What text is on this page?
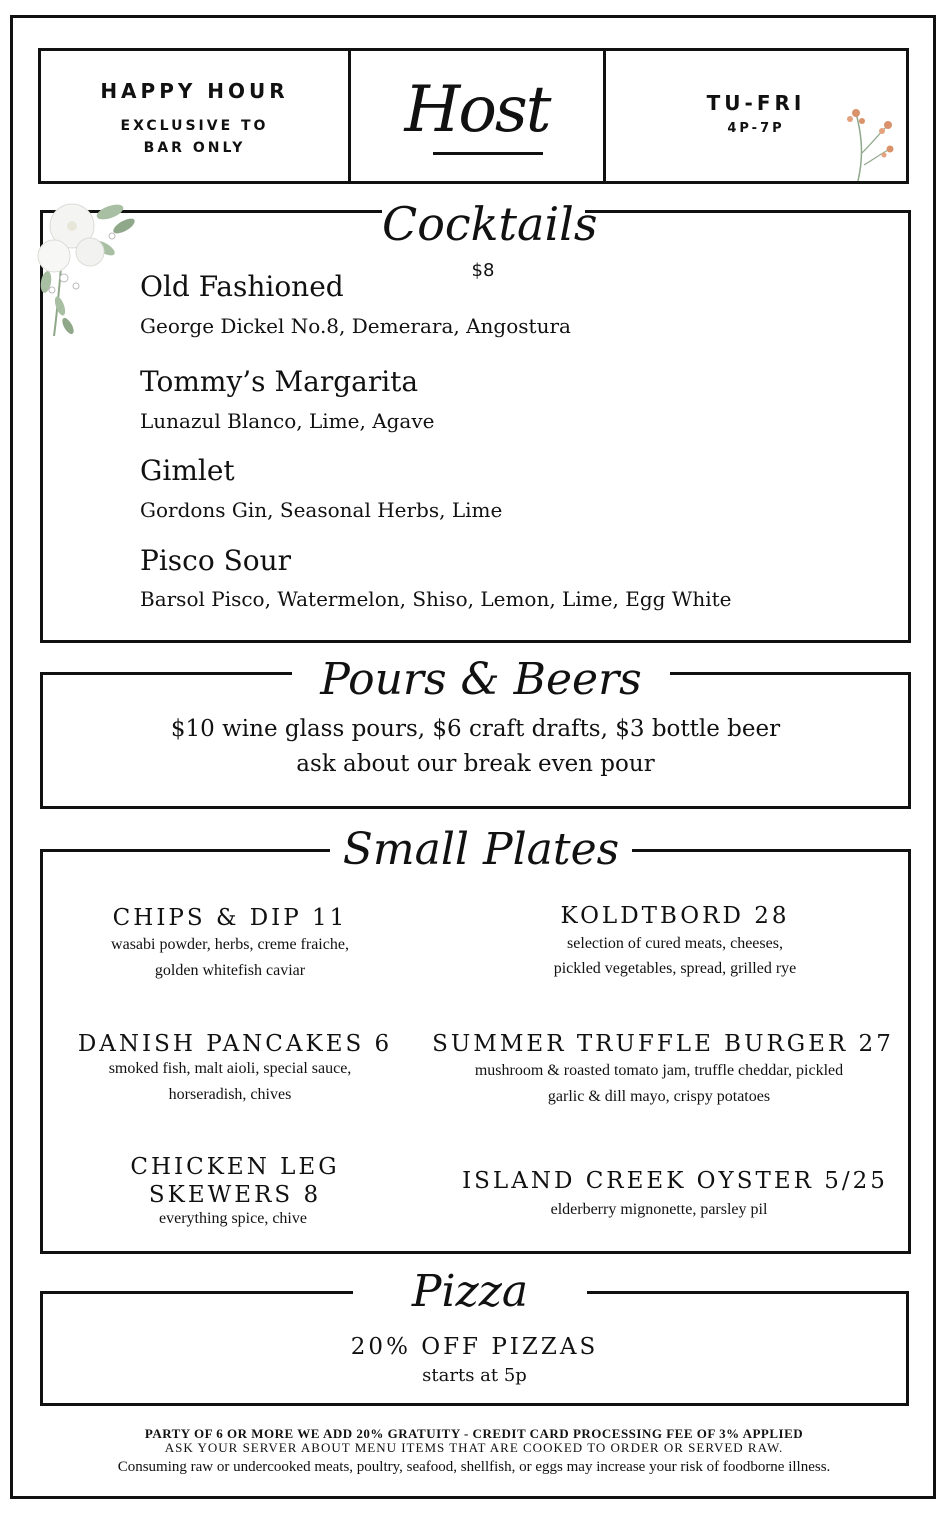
HAPPY HOUR
EXCLUSIVE TO
BAR ONLY
Host	TU-FRI
4P-7P
Cocktails
$8
Old Fashioned
George Dickel No.8, Demerara, Angostura
Tommy’s Margarita
Lunazul Blanco, Lime, Agave
Gimlet
Gordons Gin, Seasonal Herbs, Lime
Pisco Sour
Barsol Pisco, Watermelon, Shiso, Lemon, Lime, Egg White
Pours & Beers
$10 wine glass pours, $6 craft drafts, $3 bottle beer
ask about our break even pour
Small Plates
CHIPS & DIP 11
wasabi powder, herbs, creme fraiche,
golden whitefish caviar
KOLDTBORD 28
selection of cured meats, cheeses,
pickled vegetables, spread, grilled rye
DANISH PANCAKES 6
smoked fish, malt aioli, special sauce,
horseradish, chives
SUMMER TRUFFLE BURGER 27
mushroom & roasted tomato jam, truffle cheddar, pickled
garlic & dill mayo, crispy potatoes
CHICKEN LEG
SKEWERS 8
everything spice, chive
ISLAND CREEK OYSTER 5/25
elderberry mignonette, parsley pil
Pizza
20% OFF PIZZAS
starts at 5p
PARTY OF 6 OR MORE WE ADD 20% GRATUITY - CREDIT CARD PROCESSING FEE OF 3% APPLIED
ASK YOUR SERVER ABOUT MENU ITEMS THAT ARE COOKED TO ORDER OR SERVED RAW.
Consuming raw or undercooked meats, poultry, seafood, shellfish, or eggs may increase your risk of foodborne illness.
